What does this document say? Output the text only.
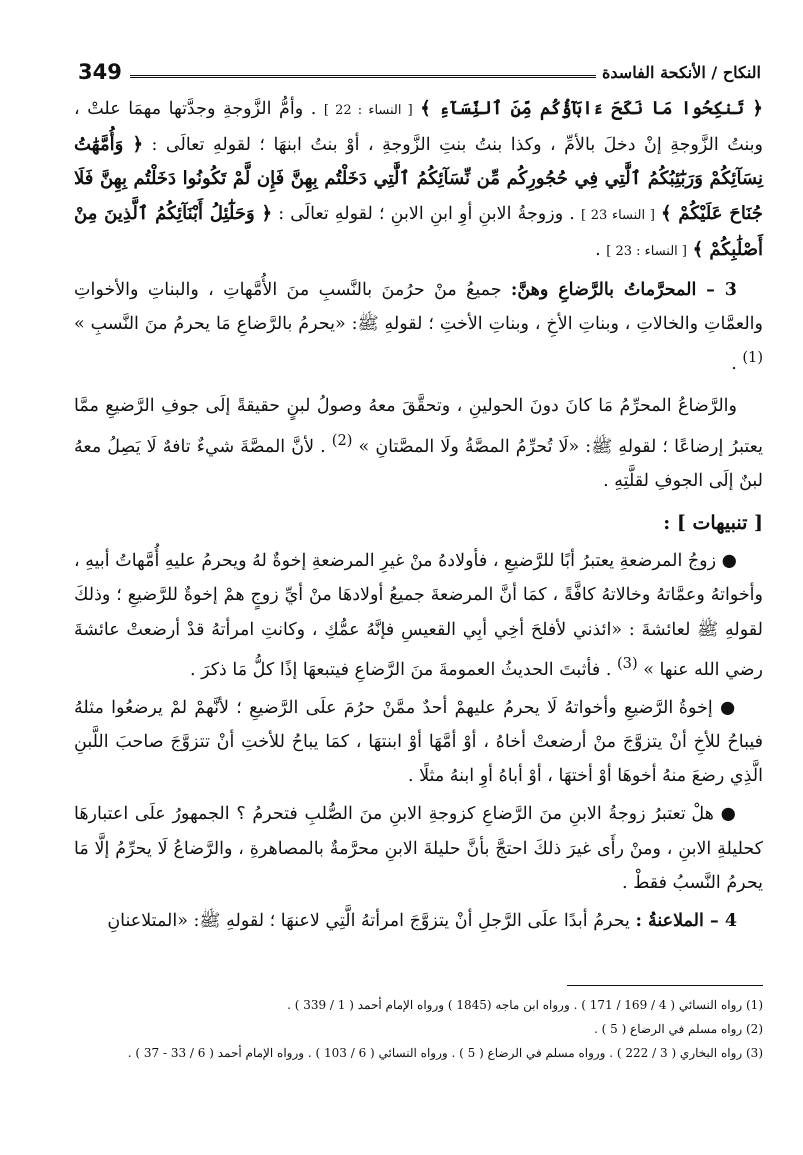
349	النكاح / الأنكحة الفاسدة

﴿ تَنكِحُوا مَا نَكَحَ ءَابَآؤُكُم مِّنَ ٱلنِّسَآءِ ﴾ [ النساء : 22 ] . وأمُّ الزَّوجةِ وجدَّتها مهمَا علتْ ، وبنتُ الزَّوجةِ إنْ دخلَ بالأمِّ ، وكذا بنتُ بنتِ الزَّوجةِ ، أوْ بنتُ ابنهَا ؛ لقولهِ تعالَى : ﴿ وَأُمَّهَٰتُ نِسَآئِكُمْ وَرَبَٰٓئِبُكُمُ ٱلَّٰتِي فِي حُجُورِكُم مِّن نِّسَآئِكُمُ ٱلَّٰتِي دَخَلْتُم بِهِنَّ فَإِن لَّمْ تَكُونُوا دَخَلْتُم بِهِنَّ فَلَا جُنَاحَ عَلَيْكُمْ ﴾ [ النساء 23 ] . وزوجةُ الابنِ أوِ ابنِ الابنِ ؛ لقولهِ تعالَى : ﴿ وَحَلَٰٓئِلُ أَبْنَآئِكُمُ ٱلَّذِينَ مِنْ أَصْلَٰبِكُمْ ﴾ [ النساء : 23 ] .

3 – المحرَّماتُ بالرَّضاعِ وهنَّ: جميعُ منْ حرُمنَ بالنَّسبِ منَ الأُمَّهاتِ ، والبناتِ والأخواتِ والعمَّاتِ والخالاتِ ، وبناتِ الأخِ ، وبناتِ الأختِ ؛ لقولهِ ﷺ: «يحرمُ بالرَّضاعِ مَا يحرمُ منَ النَّسبِ » $^{(1)}$ .

والرَّضاعُ المحرِّمُ مَا كانَ دونَ الحولينِ ، وتحقَّقَ معهُ وصولُ لبنٍ حقيقةً إلَى جوفِ الرَّضيعِ ممَّا يعتبرُ إرضاعًا ؛ لقولهِ ﷺ: «لَا تُحرِّمُ المصَّةُ ولَا المصَّتانِ » $^{(2)}$ . لأنَّ المصَّةَ شيءٌ تافهٌ لَا يَصِلُ معهُ لبنٌ إلَى الجوفِ لقلَّتِهِ .

[ تنبيهات ] :

● زوجُ المرضعةِ يعتبرُ أبًا للرَّضيعِ ، فأولادهُ منْ غيرِ المرضعةِ إخوةٌ لهُ ويحرمُ عليهِ أُمَّهاتُ أبيهِ ، وأخواتهُ وعمَّاتهُ وخالاتهُ كافَّةً ، كمَا أنَّ المرضعةَ جميعُ أولادهَا منْ أيِّ زوجٍ همْ إخوةٌ للرَّضيعِ ؛ وذلكَ لقولهِ ﷺ لعائشةَ : «ائذني لأفلحَ أخِي أبِي القعيسِ فإنَّهُ عمُّكِ ، وكانتِ امرأتهُ قدْ أرضعتْ عائشةَ رضي الله عنها » $^{(3)}$ . فأثبتَ الحديثُ العمومةَ منَ الرَّضاعِ فيتبعهَا إذًا كلُّ مَا ذكرَ .

● إخوةُ الرَّضيعِ وأخواتهُ لَا يحرمُ عليهمْ أحدٌ ممَّنْ حرُمَ علَى الرَّضيعِ ؛ لأنَّهمْ لمْ يرضعُوا مثلهُ فيباحُ للأخِ أنْ يتزوَّجَ منْ أرضعتْ أخاهُ ، أوْ أمَّهَا أوْ ابنتهَا ، كمَا يباحُ للأختِ أنْ تتزوَّجَ صاحبَ اللَّبنِ الَّذِي رضعَ منهُ أخوهَا أوْ أختهَا ، أوْ أباهُ أوِ ابنهُ مثلًا .

● هلْ تعتبرُ زوجةُ الابنِ منَ الرَّضاعِ كزوجةِ الابنِ منَ الصُّلبِ فتحرمُ ؟ الجمهورُ علَى اعتبارهَا كحليلةِ الابنِ ، ومنْ رأَى غيرَ ذلكَ احتجَّ بأنَّ حليلةَ الابنِ محرَّمةٌ بالمصاهرةِ ، والرَّضاعُ لَا يحرِّمُ إلَّا مَا يحرمُ النَّسبُ فقطْ .

4 – الملاعنةُ : يحرمُ أبدًا علَى الرَّجلِ أنْ يتزوَّجَ امرأتهُ الَّتِي لاعنهَا ؛ لقولهِ ﷺ: «المتلاعنانِ

(1) رواه النسائي ( 4 / 169 / 171 ) . ورواه ابن ماجه (1845 ) ورواه الإمام أحمد ( 1 / 339 ) .

(2) رواه مسلم في الرضاع ( 5 ) .

(3) رواه البخاري ( 3 / 222 ) . ورواه مسلم في الرضاع ( 5 ) . ورواه النسائي ( 6 / 103 ) . ورواه الإمام أحمد ( 6 / 33 - 37 ) .
